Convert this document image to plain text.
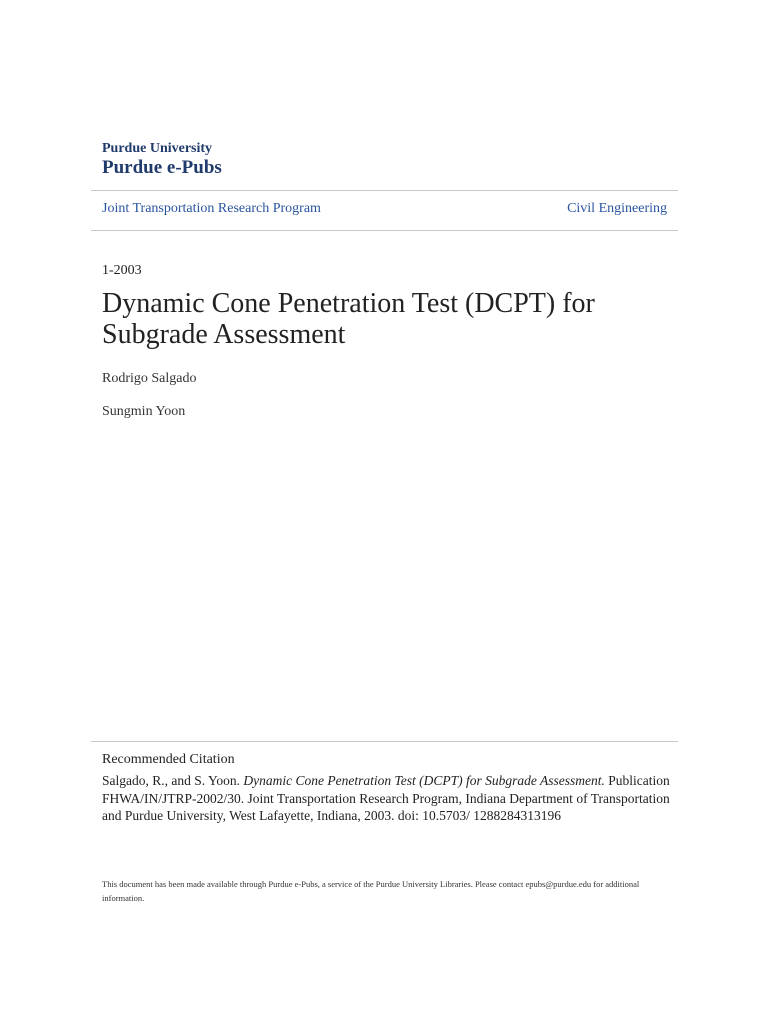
Purdue University
Purdue e-Pubs
Joint Transportation Research Program	Civil Engineering
1-2003
Dynamic Cone Penetration Test (DCPT) for Subgrade Assessment
Rodrigo Salgado
Sungmin Yoon
Recommended Citation
Salgado, R., and S. Yoon. Dynamic Cone Penetration Test (DCPT) for Subgrade Assessment. Publication FHWA/IN/JTRP-2002/30. Joint Transportation Research Program, Indiana Department of Transportation and Purdue University, West Lafayette, Indiana, 2003. doi: 10.5703/ 1288284313196
This document has been made available through Purdue e-Pubs, a service of the Purdue University Libraries. Please contact epubs@purdue.edu for additional information.
